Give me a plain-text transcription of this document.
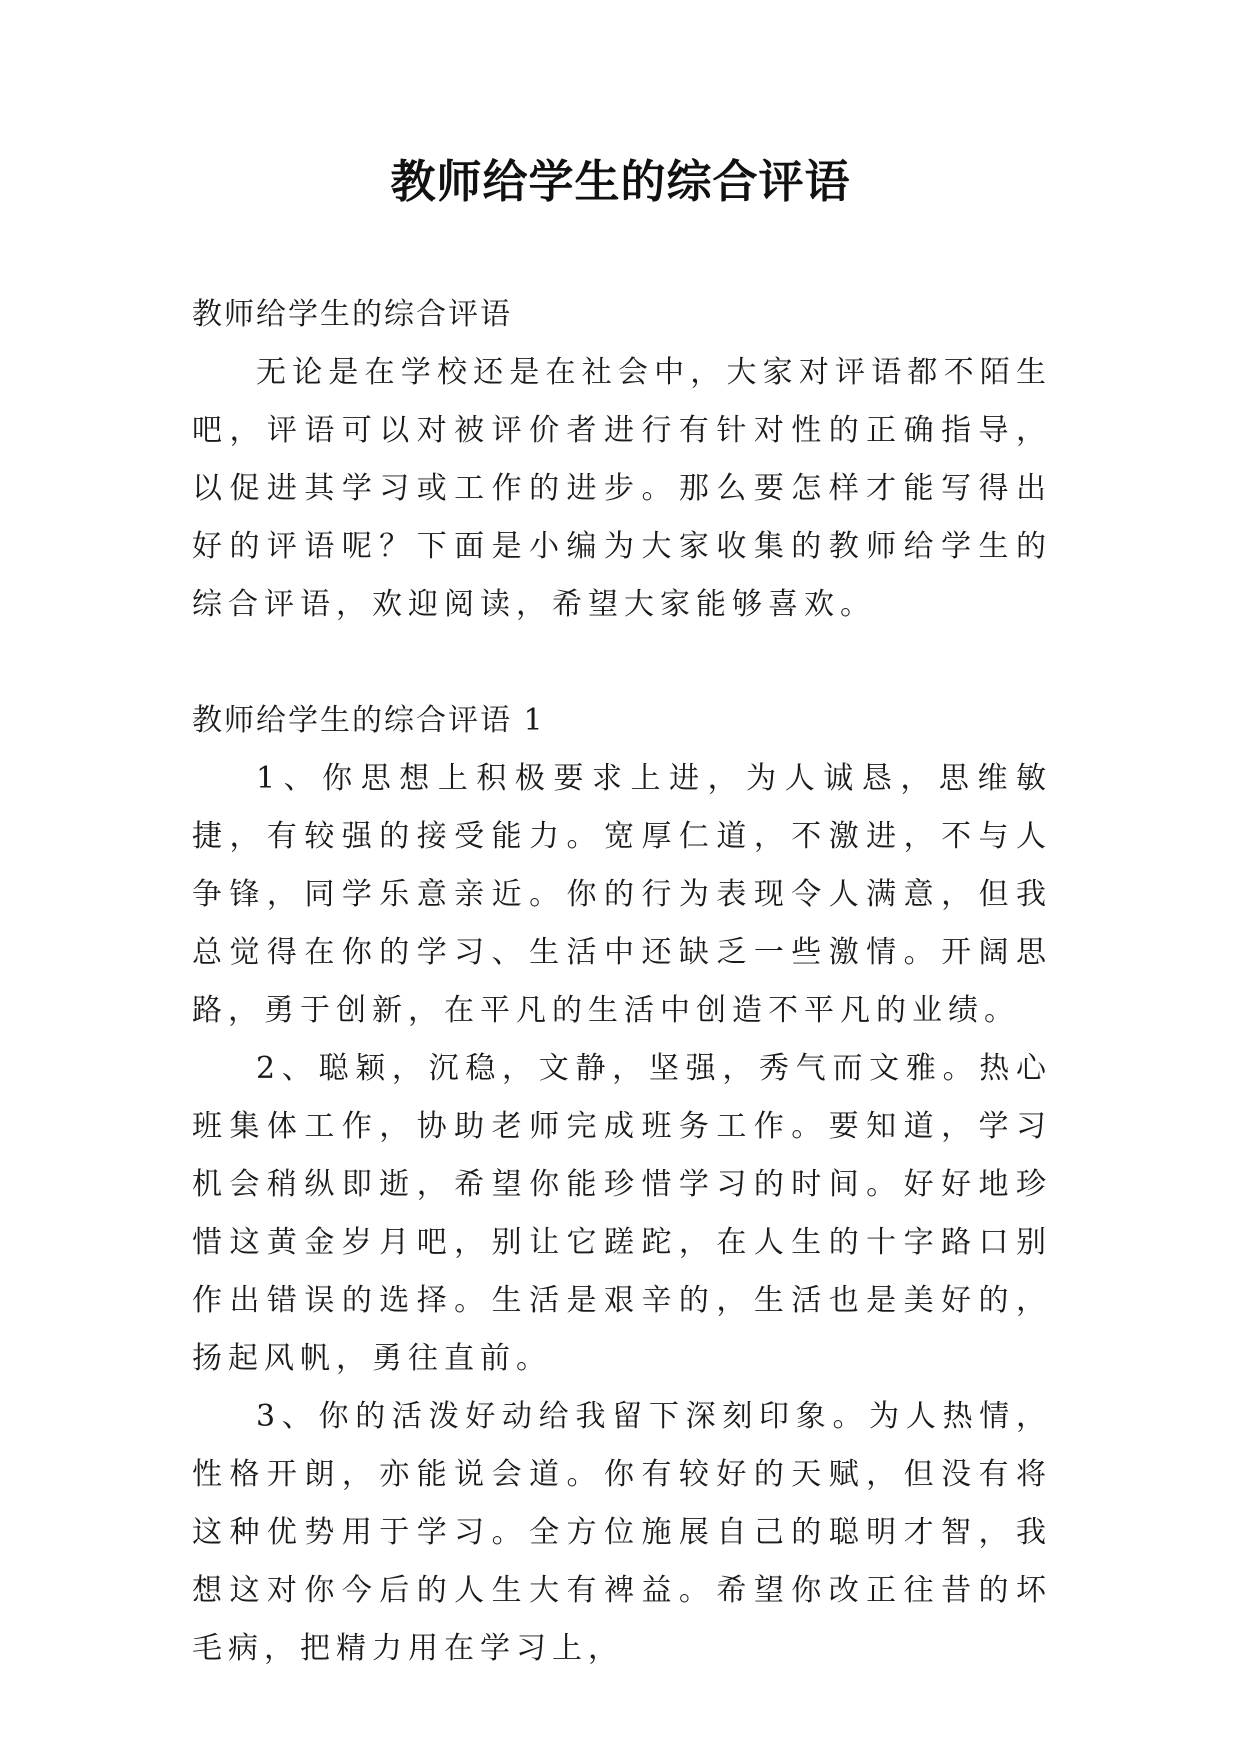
教师给学生的综合评语

教师给学生的综合评语

无论是在学校还是在社会中，大家对评语都不陌生吧，评语可以对被评价者进行有针对性的正确指导，以促进其学习或工作的进步。那么要怎样才能写得出好的评语呢？下面是小编为大家收集的教师给学生的综合评语，欢迎阅读，希望大家能够喜欢。

教师给学生的综合评语 1

1、你思想上积极要求上进，为人诚恳，思维敏捷，有较强的接受能力。宽厚仁道，不激进，不与人争锋，同学乐意亲近。你的行为表现令人满意，但我总觉得在你的学习、生活中还缺乏一些激情。开阔思路，勇于创新，在平凡的生活中创造不平凡的业绩。

2、聪颖，沉稳，文静，坚强，秀气而文雅。热心班集体工作，协助老师完成班务工作。要知道，学习机会稍纵即逝，希望你能珍惜学习的时间。好好地珍惜这黄金岁月吧，别让它蹉跎，在人生的十字路口别作出错误的选择。生活是艰辛的，生活也是美好的，扬起风帆，勇往直前。

3、你的活泼好动给我留下深刻印象。为人热情，性格开朗，亦能说会道。你有较好的天赋，但没有将这种优势用于学习。全方位施展自己的聪明才智，我想这对你今后的人生大有裨益。希望你改正往昔的坏毛病，把精力用在学习上，
